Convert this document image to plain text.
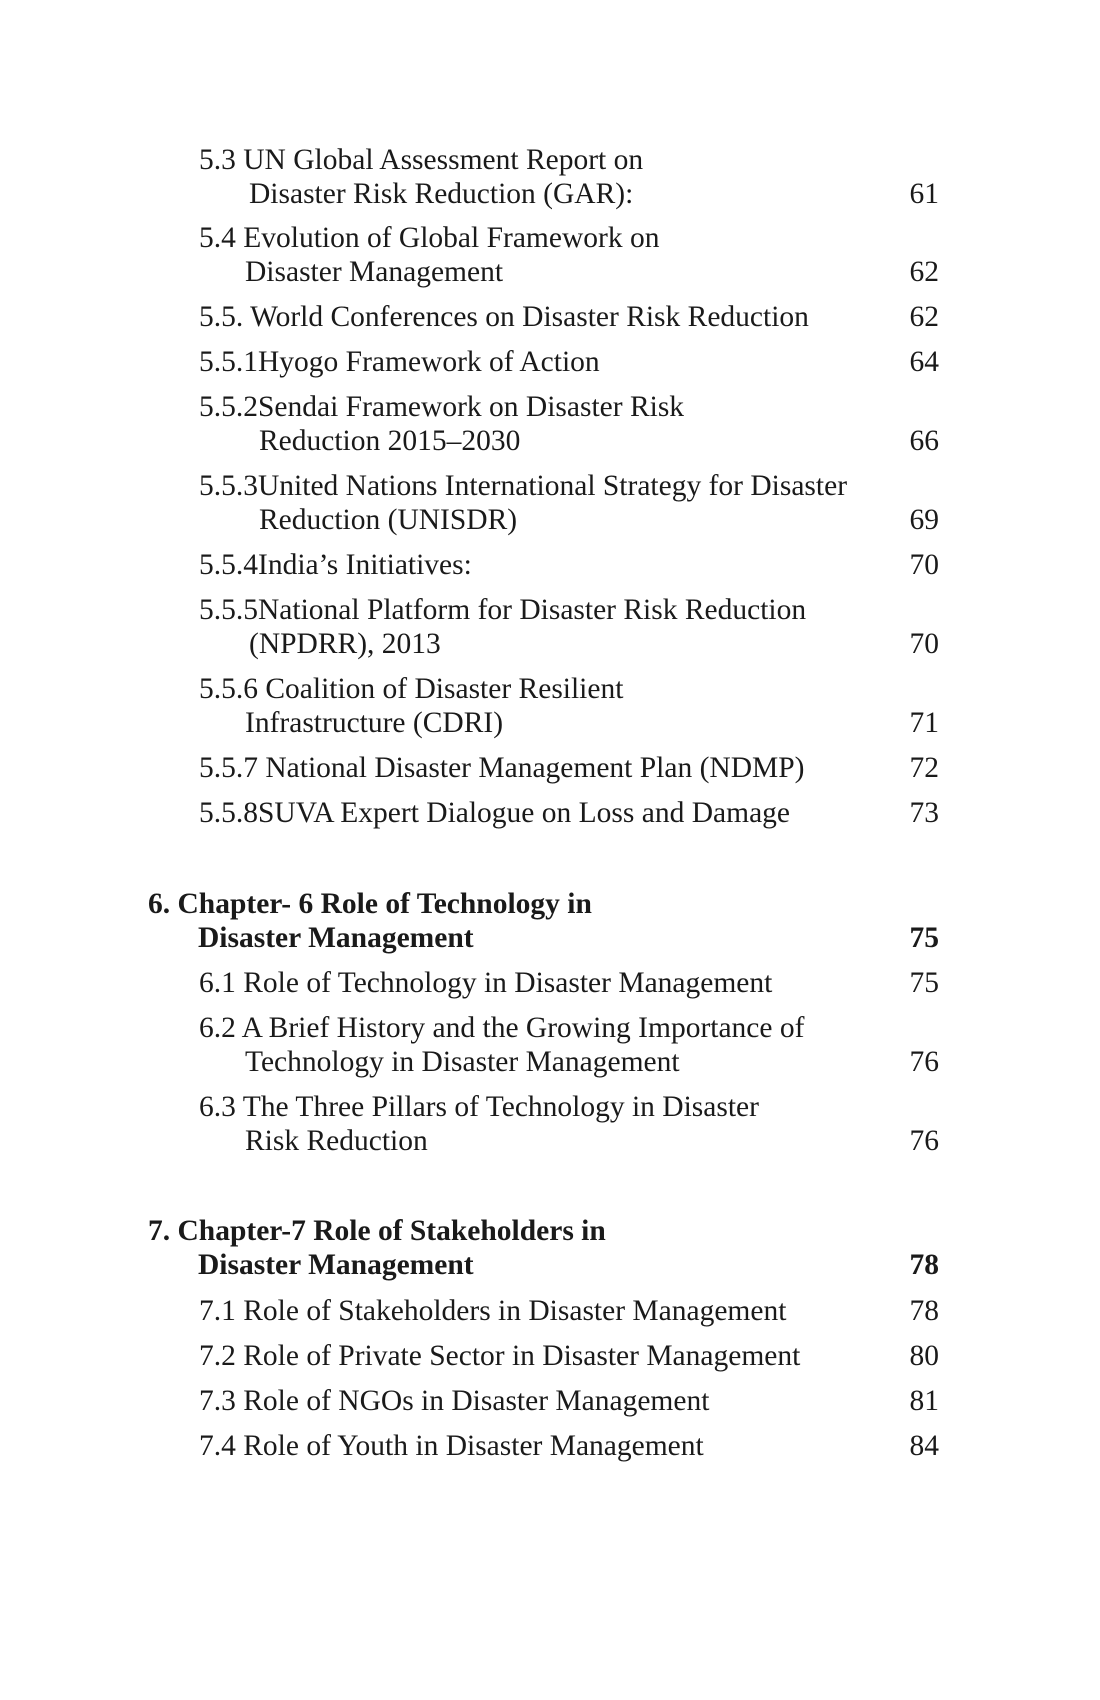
5.3 UN Global Assessment Report on
Disaster Risk Reduction (GAR):	61
5.4 Evolution of Global Framework on
Disaster Management	62
5.5. World Conferences on Disaster Risk Reduction	62
5.5.1Hyogo Framework of Action	64
5.5.2Sendai Framework on Disaster Risk
Reduction 2015–2030	66
5.5.3United Nations International Strategy for Disaster
Reduction (UNISDR)	69
5.5.4India’s Initiatives:	70
5.5.5National Platform for Disaster Risk Reduction
(NPDRR), 2013	70
5.5.6 Coalition of Disaster Resilient
Infrastructure (CDRI)	71
5.5.7 National Disaster Management Plan (NDMP)	72
5.5.8SUVA Expert Dialogue on Loss and Damage	73
6. Chapter- 6 Role of Technology in
Disaster Management	75
6.1 Role of Technology in Disaster Management	75
6.2 A Brief History and the Growing Importance of
Technology in Disaster Management	76
6.3 The Three Pillars of Technology in Disaster
Risk Reduction	76
7. Chapter-7 Role of Stakeholders in
Disaster Management	78
7.1 Role of Stakeholders in Disaster Management	78
7.2 Role of Private Sector in Disaster Management	80
7.3 Role of NGOs in Disaster Management	81
7.4 Role of Youth in Disaster Management	84
